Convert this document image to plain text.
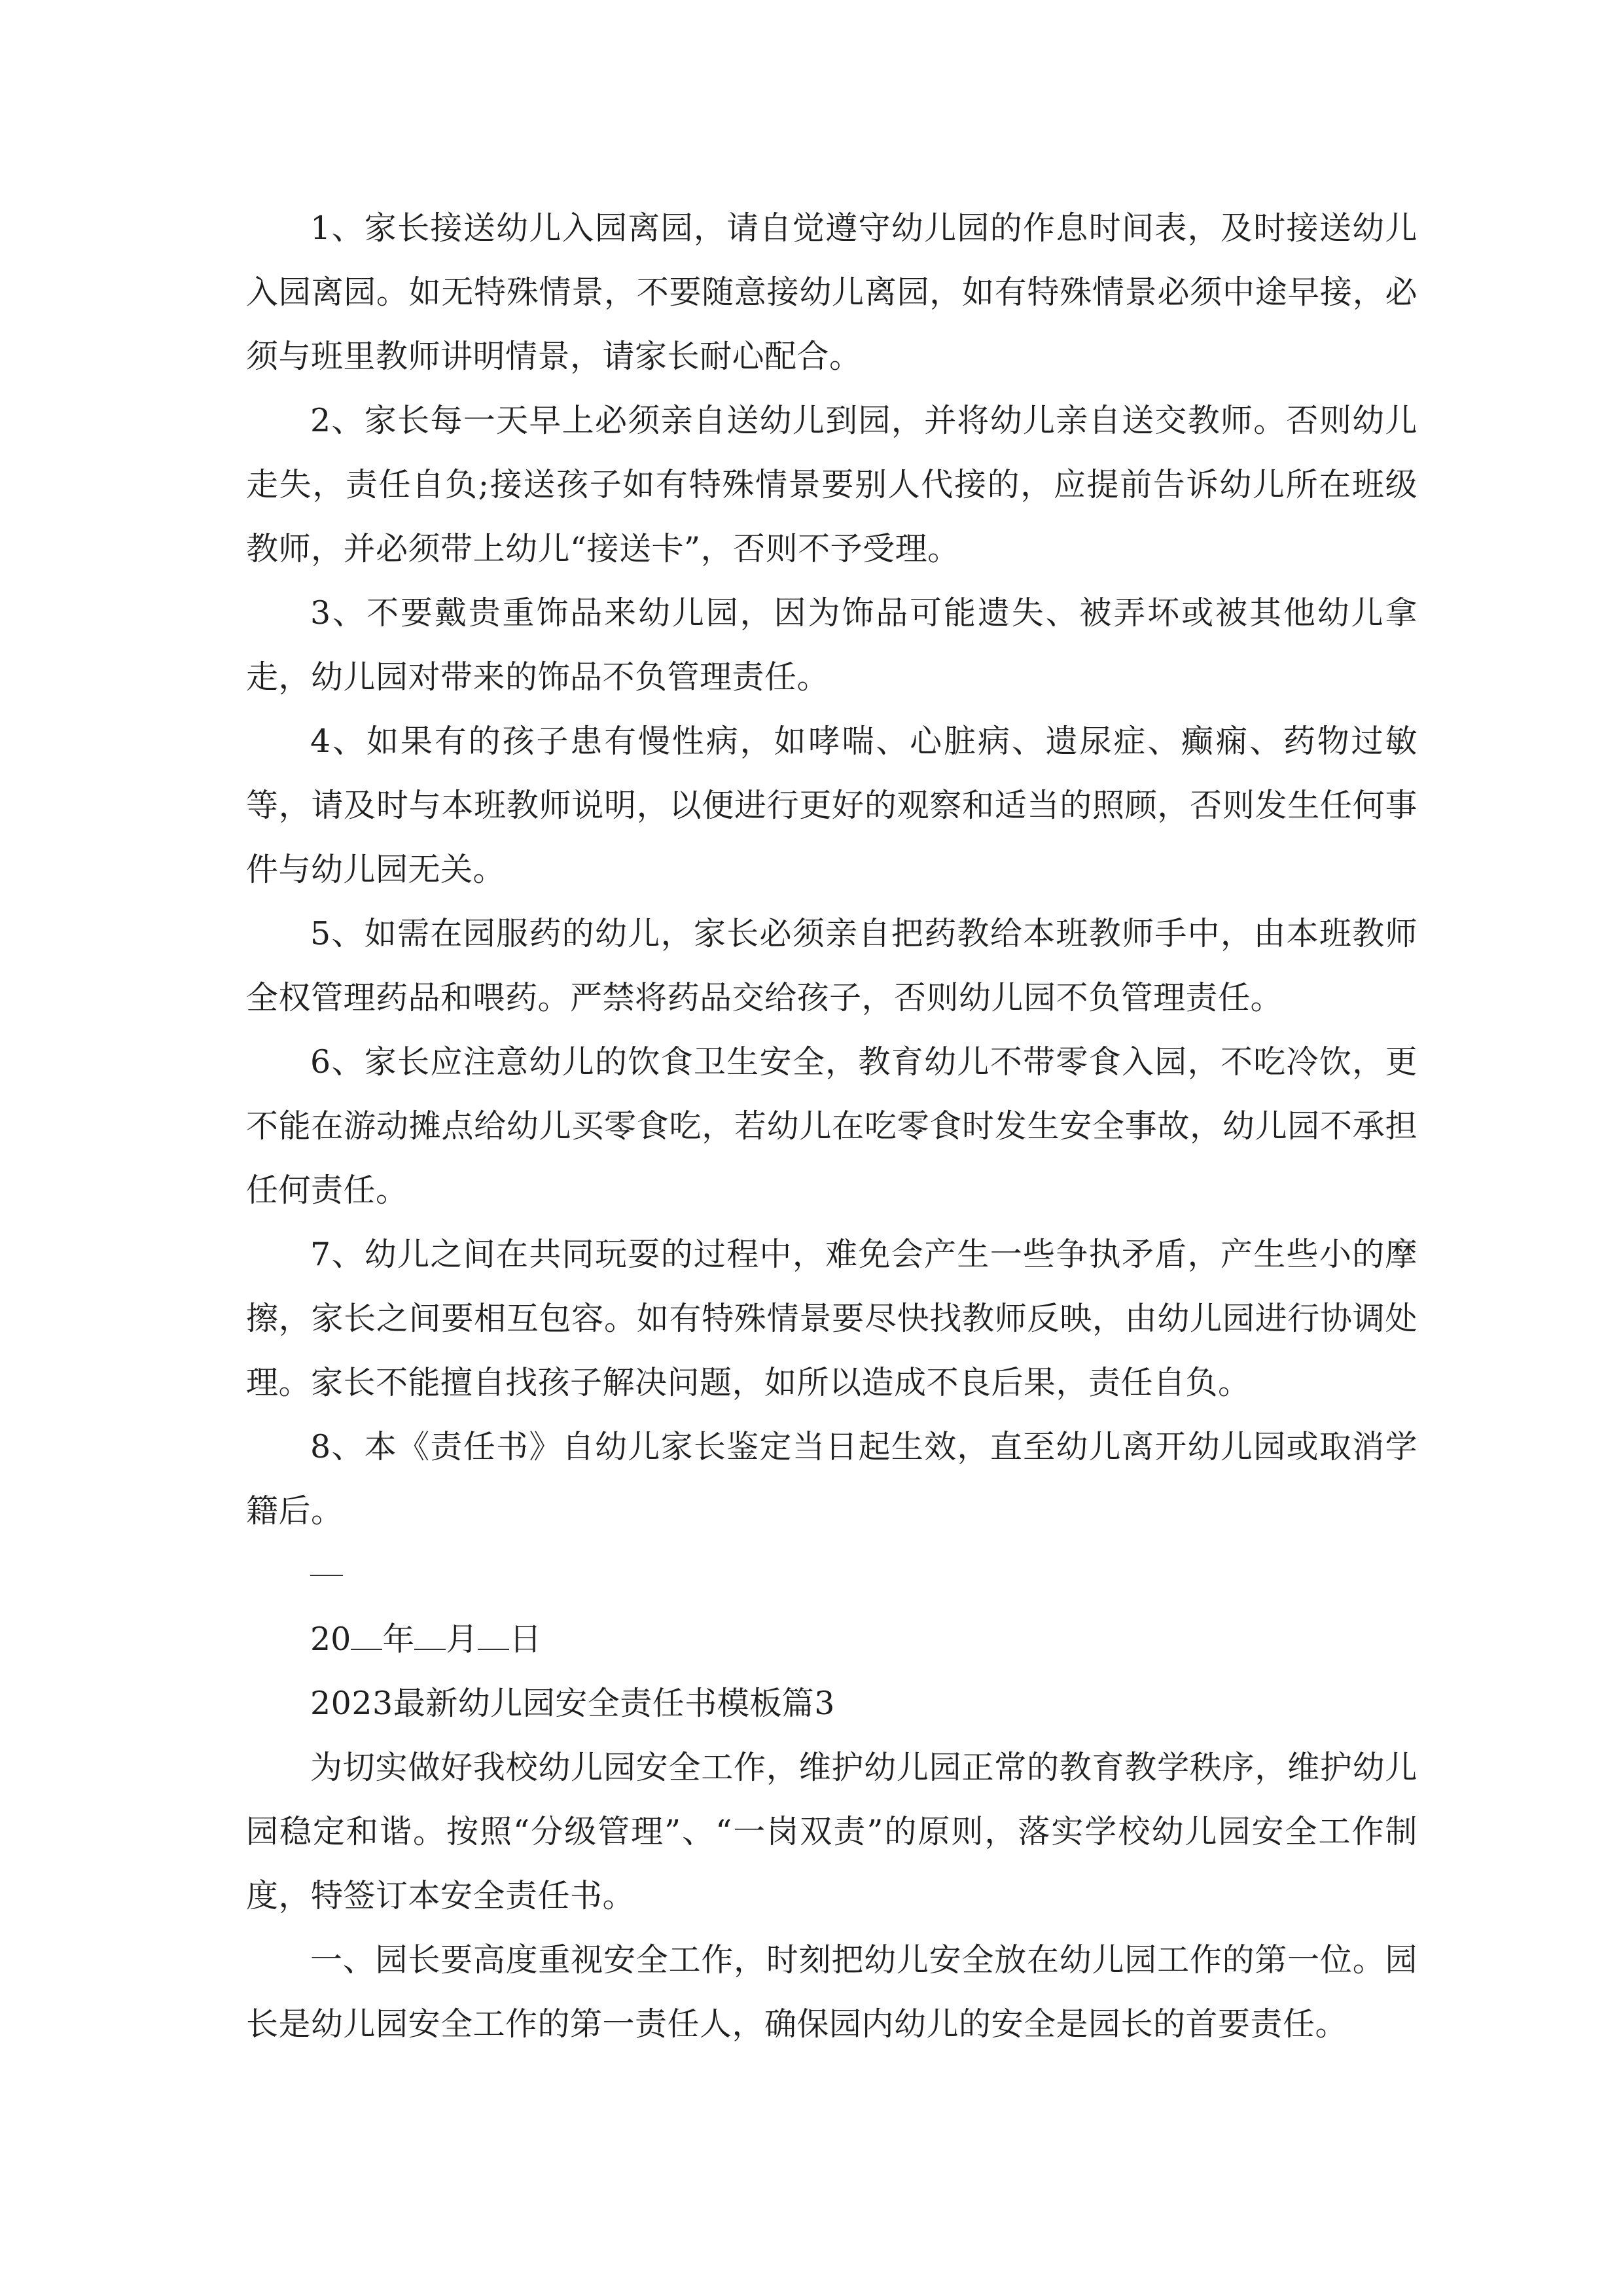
1、家长接送幼儿入园离园，请自觉遵守幼儿园的作息时间表，及时接送幼儿入园离园。如无特殊情景，不要随意接幼儿离园，如有特殊情景必须中途早接，必须与班里教师讲明情景，请家长耐心配合。

2、家长每一天早上必须亲自送幼儿到园，并将幼儿亲自送交教师。否则幼儿走失，责任自负;接送孩子如有特殊情景要别人代接的，应提前告诉幼儿所在班级教师，并必须带上幼儿“接送卡”，否则不予受理。

3、不要戴贵重饰品来幼儿园，因为饰品可能遗失、被弄坏或被其他幼儿拿走，幼儿园对带来的饰品不负管理责任。

4、如果有的孩子患有慢性病，如哮喘、心脏病、遗尿症、癫痫、药物过敏等，请及时与本班教师说明，以便进行更好的观察和适当的照顾，否则发生任何事件与幼儿园无关。

5、如需在园服药的幼儿，家长必须亲自把药教给本班教师手中，由本班教师全权管理药品和喂药。严禁将药品交给孩子，否则幼儿园不负管理责任。

6、家长应注意幼儿的饮食卫生安全，教育幼儿不带零食入园，不吃冷饮，更不能在游动摊点给幼儿买零食吃，若幼儿在吃零食时发生安全事故，幼儿园不承担任何责任。

7、幼儿之间在共同玩耍的过程中，难免会产生一些争执矛盾，产生些小的摩擦，家长之间要相互包容。如有特殊情景要尽快找教师反映，由幼儿园进行协调处理。家长不能擅自找孩子解决问题，如所以造成不良后果，责任自负。

8、本《责任书》自幼儿家长鉴定当日起生效，直至幼儿离开幼儿园或取消学籍后。

20 年 月 日
2023最新幼儿园安全责任书模板篇3

为切实做好我校幼儿园安全工作，维护幼儿园正常的教育教学秩序，维护幼儿园稳定和谐。按照“分级管理”、“一岗双责”的原则，落实学校幼儿园安全工作制度，特签订本安全责任书。

一、园长要高度重视安全工作，时刻把幼儿安全放在幼儿园工作的第一位。园长是幼儿园安全工作的第一责任人，确保园内幼儿的安全是园长的首要责任。
